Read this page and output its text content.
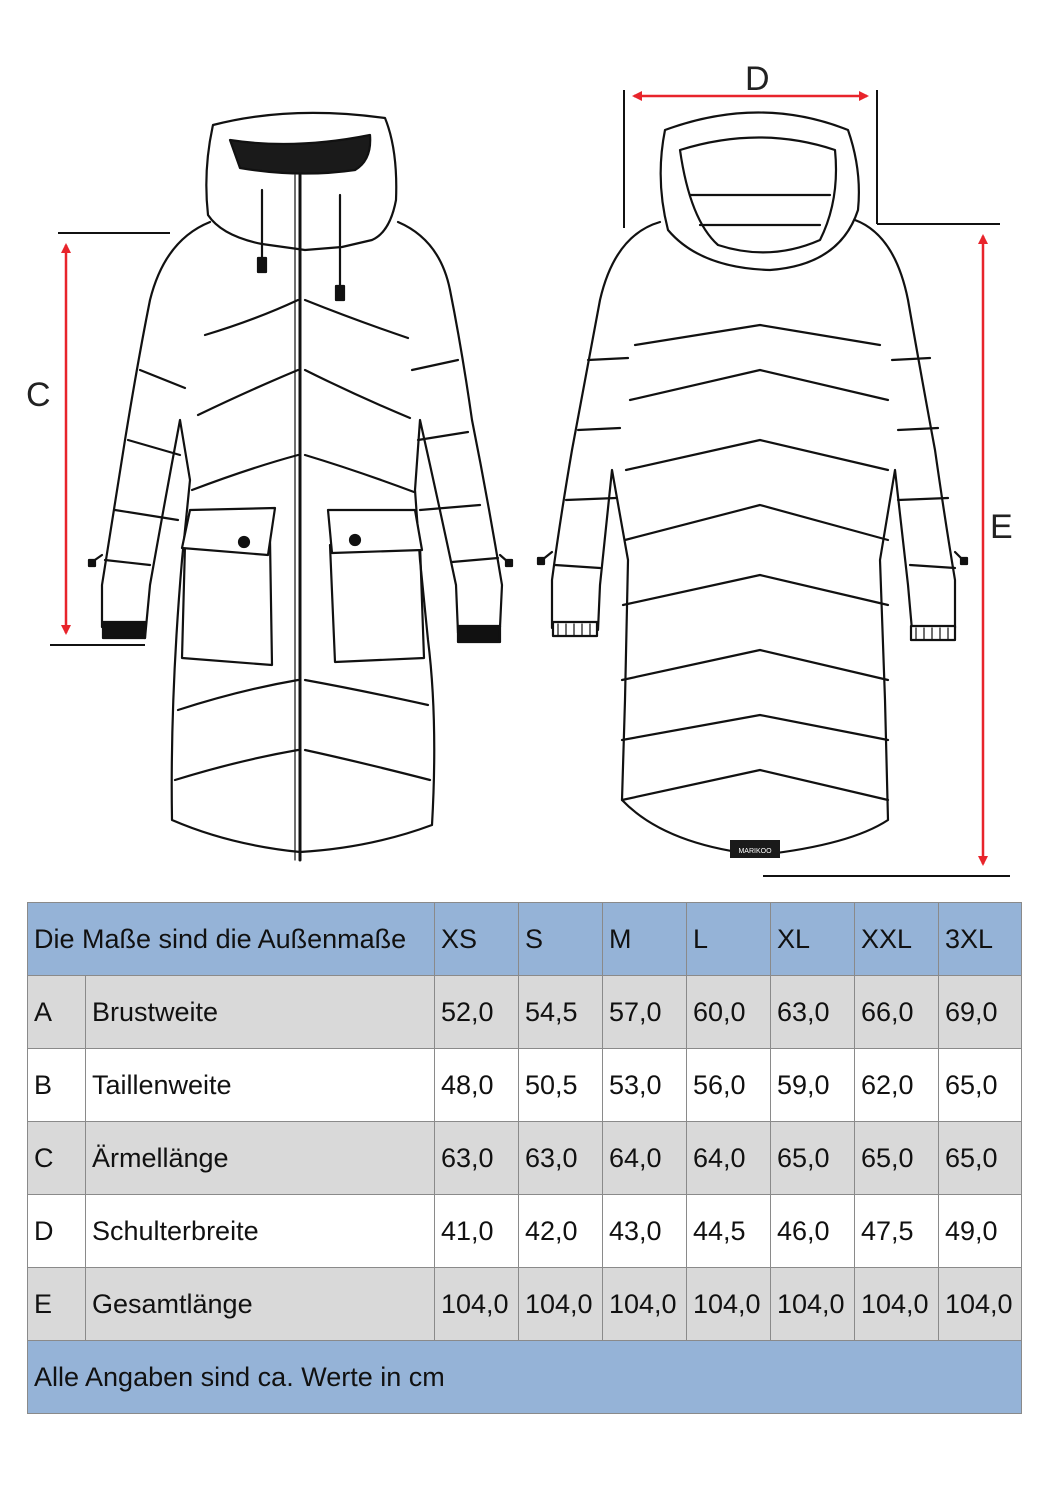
MARIKOO
C
D
E
Die Maße sind die Außenmaße		XS	S	M	L	XL	XXL	3XL
A	Brustweite	52,0	54,5	57,0	60,0	63,0	66,0	69,0
B	Taillenweite	48,0	50,5	53,0	56,0	59,0	62,0	65,0
C	Ärmellänge	63,0	63,0	64,0	64,0	65,0	65,0	65,0
D	Schulterbreite	41,0	42,0	43,0	44,5	46,0	47,5	49,0
E	Gesamtlänge	104,0	104,0	104,0	104,0	104,0	104,0	104,0
Alle Angaben sind ca. Werte in cm								
